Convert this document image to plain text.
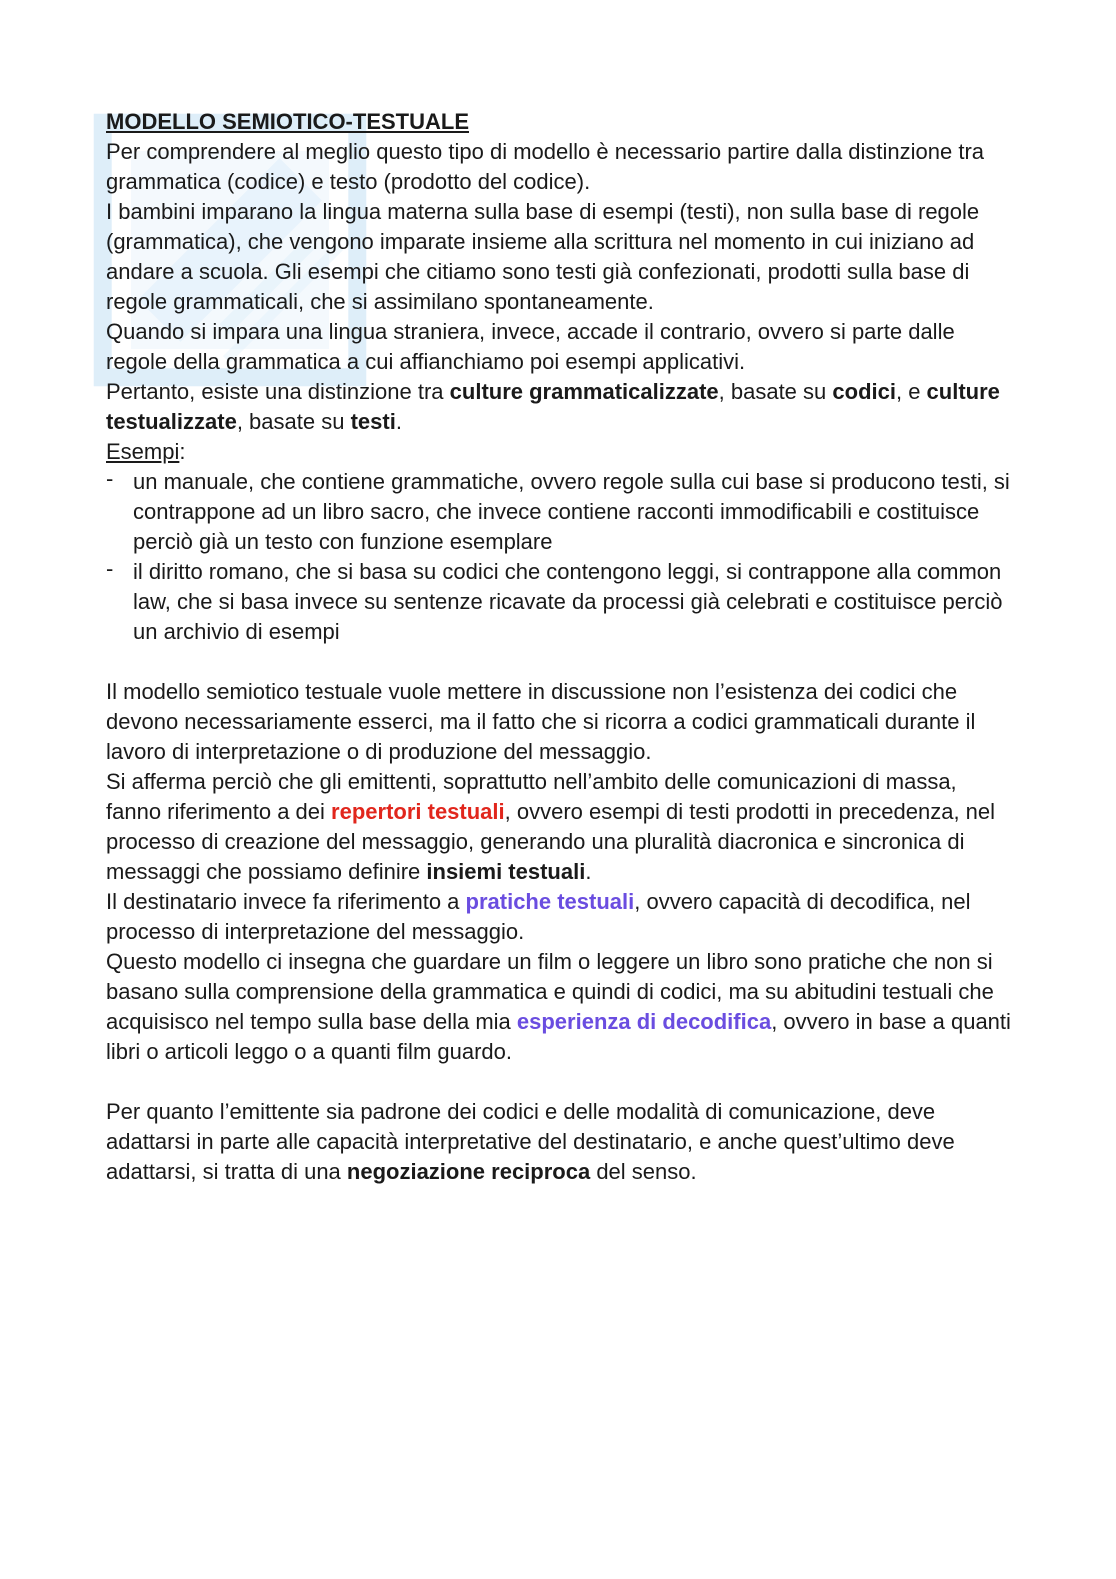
MODELLO SEMIOTICO-TESTUALE

Per comprendere al meglio questo tipo di modello è necessario partire dalla distinzione tra grammatica (codice) e testo (prodotto del codice).

I bambini imparano la lingua materna sulla base di esempi (testi), non sulla base di regole (grammatica), che vengono imparate insieme alla scrittura nel momento in cui iniziano ad andare a scuola. Gli esempi che citiamo sono testi già confezionati, prodotti sulla base di regole grammaticali, che si assimilano spontaneamente.

Quando si impara una lingua straniera, invece, accade il contrario, ovvero si parte dalle regole della grammatica a cui affianchiamo poi esempi applicativi.

Pertanto, esiste una distinzione tra culture grammaticalizzate, basate su codici, e culture testualizzate, basate su testi.

Esempi:

- un manuale, che contiene grammatiche, ovvero regole sulla cui base si producono testi, si contrappone ad un libro sacro, che invece contiene racconti immodificabili e costituisce perciò già un testo con funzione esemplare
- il diritto romano, che si basa su codici che contengono leggi, si contrappone alla common law, che si basa invece su sentenze ricavate da processi già celebrati e costituisce perciò un archivio di esempi

Il modello semiotico testuale vuole mettere in discussione non l’esistenza dei codici che devono necessariamente esserci, ma il fatto che si ricorra a codici grammaticali durante il lavoro di interpretazione o di produzione del messaggio.

Si afferma perciò che gli emittenti, soprattutto nell’ambito delle comunicazioni di massa, fanno riferimento a dei repertori testuali, ovvero esempi di testi prodotti in precedenza, nel processo di creazione del messaggio, generando una pluralità diacronica e sincronica di messaggi che possiamo definire insiemi testuali.

Il destinatario invece fa riferimento a pratiche testuali, ovvero capacità di decodifica, nel processo di interpretazione del messaggio.

Questo modello ci insegna che guardare un film o leggere un libro sono pratiche che non si basano sulla comprensione della grammatica e quindi di codici, ma su abitudini testuali che acquisisco nel tempo sulla base della mia esperienza di decodifica, ovvero in base a quanti libri o articoli leggo o a quanti film guardo.

Per quanto l’emittente sia padrone dei codici e delle modalità di comunicazione, deve adattarsi in parte alle capacità interpretative del destinatario, e anche quest’ultimo deve adattarsi, si tratta di una negoziazione reciproca del senso.
